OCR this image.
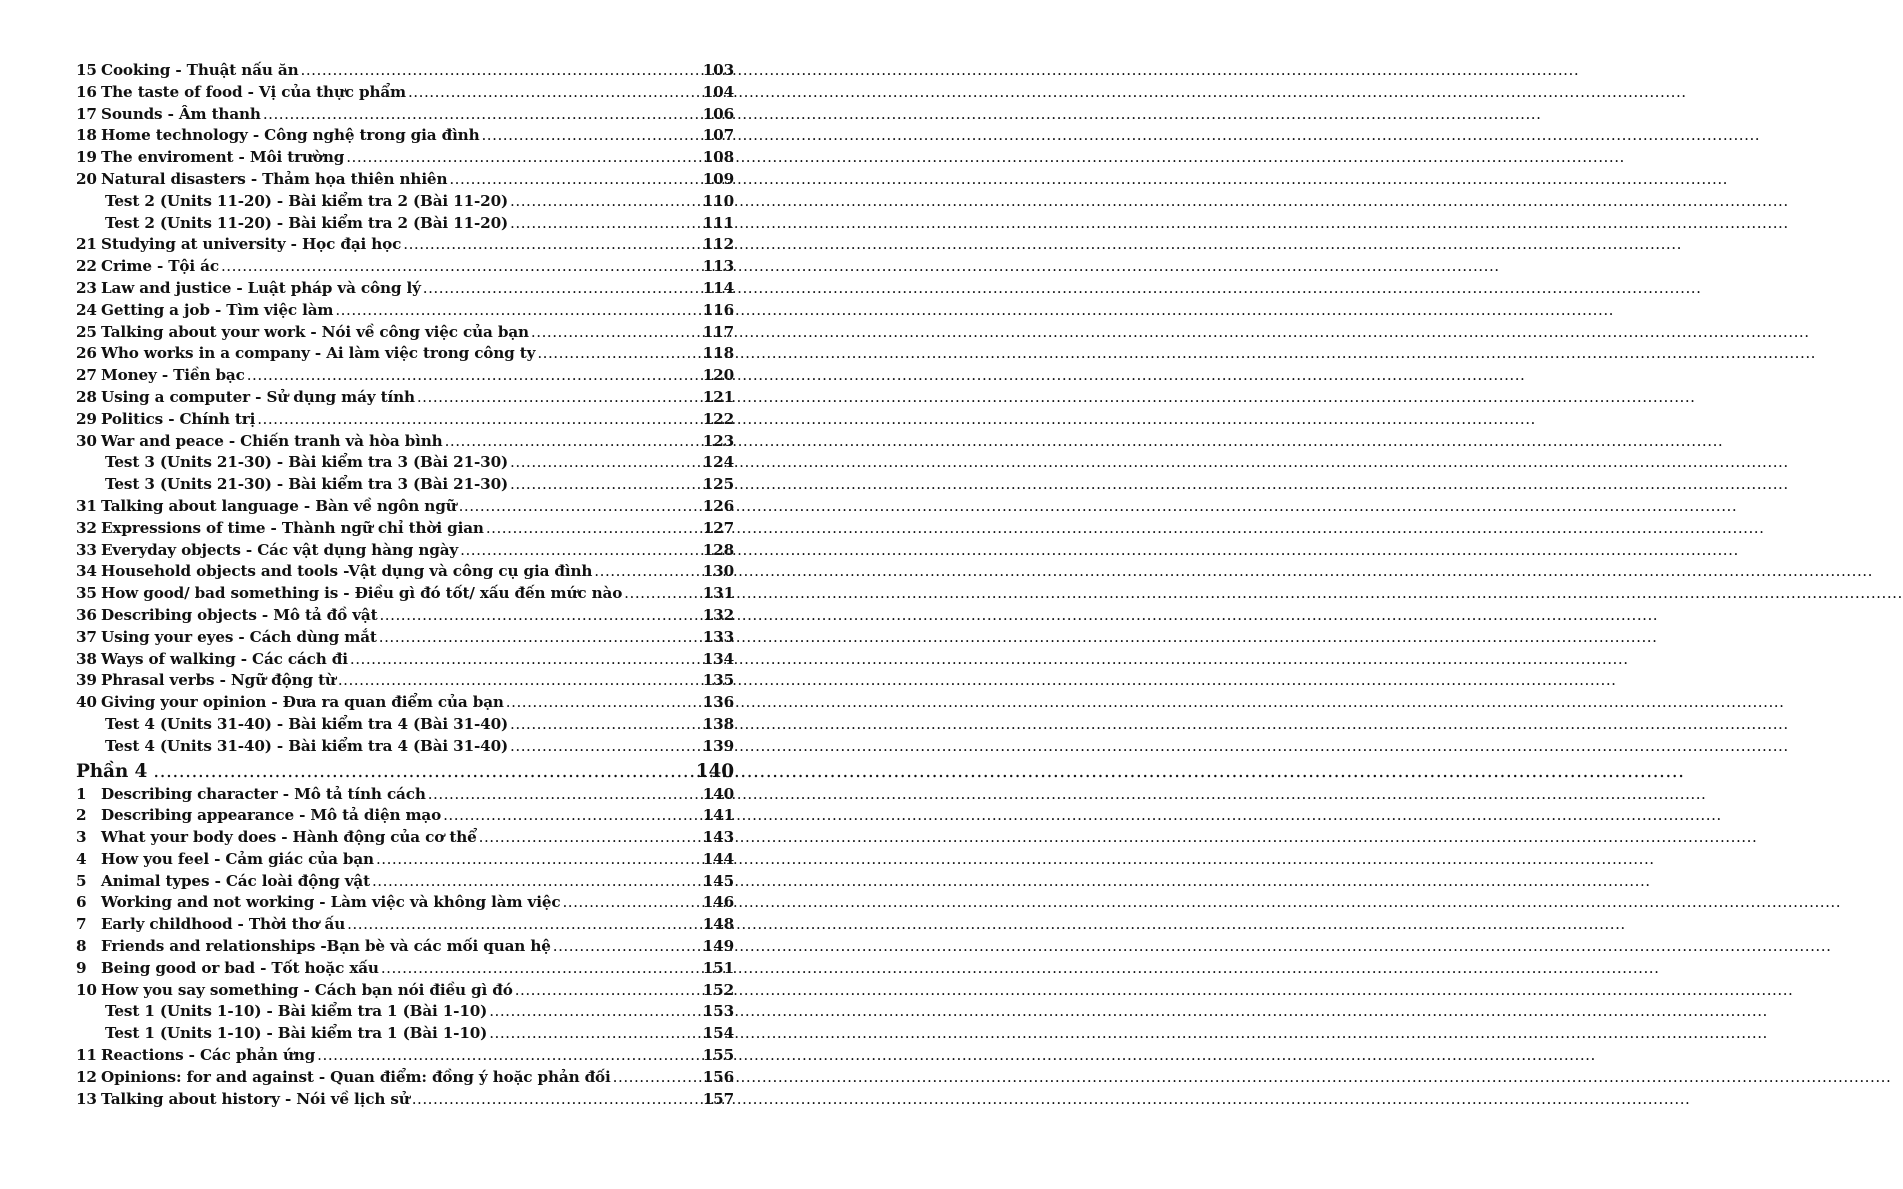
15 Cooking - Thuật nấu ăn .....	103
16 The taste of food - Vị của thực phẩm .....	104
17 Sounds - Âm thanh .....	106
18 Home technology - Công nghệ trong gia đình .....	107
19 The enviroment - Môi trường .....	108
20 Natural disasters - Thảm họa thiên nhiên .....	109
Test 2 (Units 11-20) - Bài kiểm tra 2 (Bài 11-20) .....	110
Test 2 (Units 11-20) - Bài kiểm tra 2 (Bài 11-20) .....	111
21 Studying at university - Học đại học .....	112
22 Crime - Tội ác .....	113
23 Law and justice - Luật pháp và công lý .....	114
24 Getting a job - Tìm việc làm .....	116
25 Talking about your work - Nói về công việc của bạn .....	117
26 Who works in a company - Ai làm việc trong công ty .....	118
27 Money - Tiền bạc .....	120
28 Using a computer - Sử dụng máy tính .....	121
29 Politics - Chính trị .....	122
30 War and peace - Chiến tranh và hòa bình .....	123
Test 3 (Units 21-30) - Bài kiểm tra 3 (Bài 21-30) .....	124
Test 3 (Units 21-30) - Bài kiểm tra 3 (Bài 21-30) .....	125
31 Talking about language - Bàn về ngôn ngữ .....	126
32 Expressions of time - Thành ngữ chỉ thời gian .....	127
33 Everyday objects - Các vật dụng hàng ngày .....	128
34 Household objects and tools -Vật dụng và công cụ gia đình .....	130
35 How good/ bad something is - Điều gì đó tốt/ xấu đến mức nào .....	131
36 Describing objects - Mô tả đồ vật .....	132
37 Using your eyes - Cách dùng mắt .....	133
38 Ways of walking - Các cách đi .....	134
39 Phrasal verbs - Ngữ động từ .....	135
40 Giving your opinion - Đưa ra quan điểm của bạn .....	136
Test 4 (Units 31-40) - Bài kiểm tra 4 (Bài 31-40) .....	138
Test 4 (Units 31-40) - Bài kiểm tra 4 (Bài 31-40) .....	139
Phần 4 .....	140
1 Describing character - Mô tả tính cách .....	140
2 Describing appearance - Mô tả diện mạo .....	141
3 What your body does - Hành động của cơ thể .....	143
4 How you feel - Cảm giác của bạn .....	144
5 Animal types - Các loài động vật .....	145
6 Working and not working - Làm việc và không làm việc .....	146
7 Early childhood - Thời thơ ấu .....	148
8 Friends and relationships -Bạn bè và các mối quan hệ .....	149
9 Being good or bad - Tốt hoặc xấu .....	151
10 How you say something - Cách bạn nói điều gì đó .....	152
Test 1 (Units 1-10) - Bài kiểm tra 1 (Bài 1-10) .....	153
Test 1 (Units 1-10) - Bài kiểm tra 1 (Bài 1-10) .....	154
11 Reactions - Các phản ứng .....	155
12 Opinions: for and against - Quan điểm: đồng ý hoặc phản đối .....	156
13 Talking about history - Nói về lịch sử .....	157
